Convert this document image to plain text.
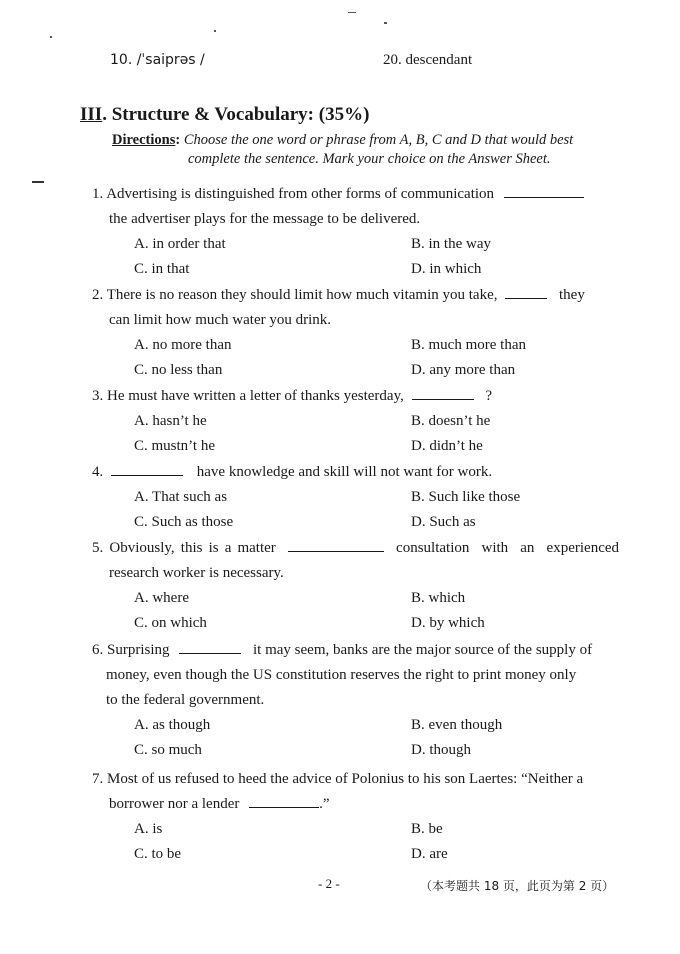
10. /ˈsaiprəs /	20. descendant
III. Structure & Vocabulary: (35%)
Directions: Choose the one word or phrase from A, B, C and D that would best
complete the sentence. Mark your choice on the Answer Sheet.
1. Advertising is distinguished from other forms of communication
the advertiser plays for the message to be delivered.
A. in order that	B. in the way
C. in that	D. in which
2. There is no reason they should limit how much vitamin you take,	they
can limit how much water you drink.
A. no more than	B. much more than
C. no less than	D. any more than
3. He must have written a letter of thanks yesterday,	?
A. hasn’t he	B. doesn’t he
C. mustn’t he	D. didn’t he
4.	have knowledge and skill will not want for work.
A. That such as	B. Such like those
C. Such as those	D. Such as
5. Obviously, this is a matter	consultation with an experienced
research worker is necessary.
A. where	B. which
C. on which	D. by which
6. Surprising	it may seem, banks are the major source of the supply of
money, even though the US constitution reserves the right to print money only
to the federal government.
A. as though	B. even though
C. so much	D. though
7. Most of us refused to heed the advice of Polonius to his son Laertes: “Neither a
borrower nor a lender	.”
A. is	B. be
C. to be	D. are
- 2 -	（本考题共 18 页，此页为第 2 页）
